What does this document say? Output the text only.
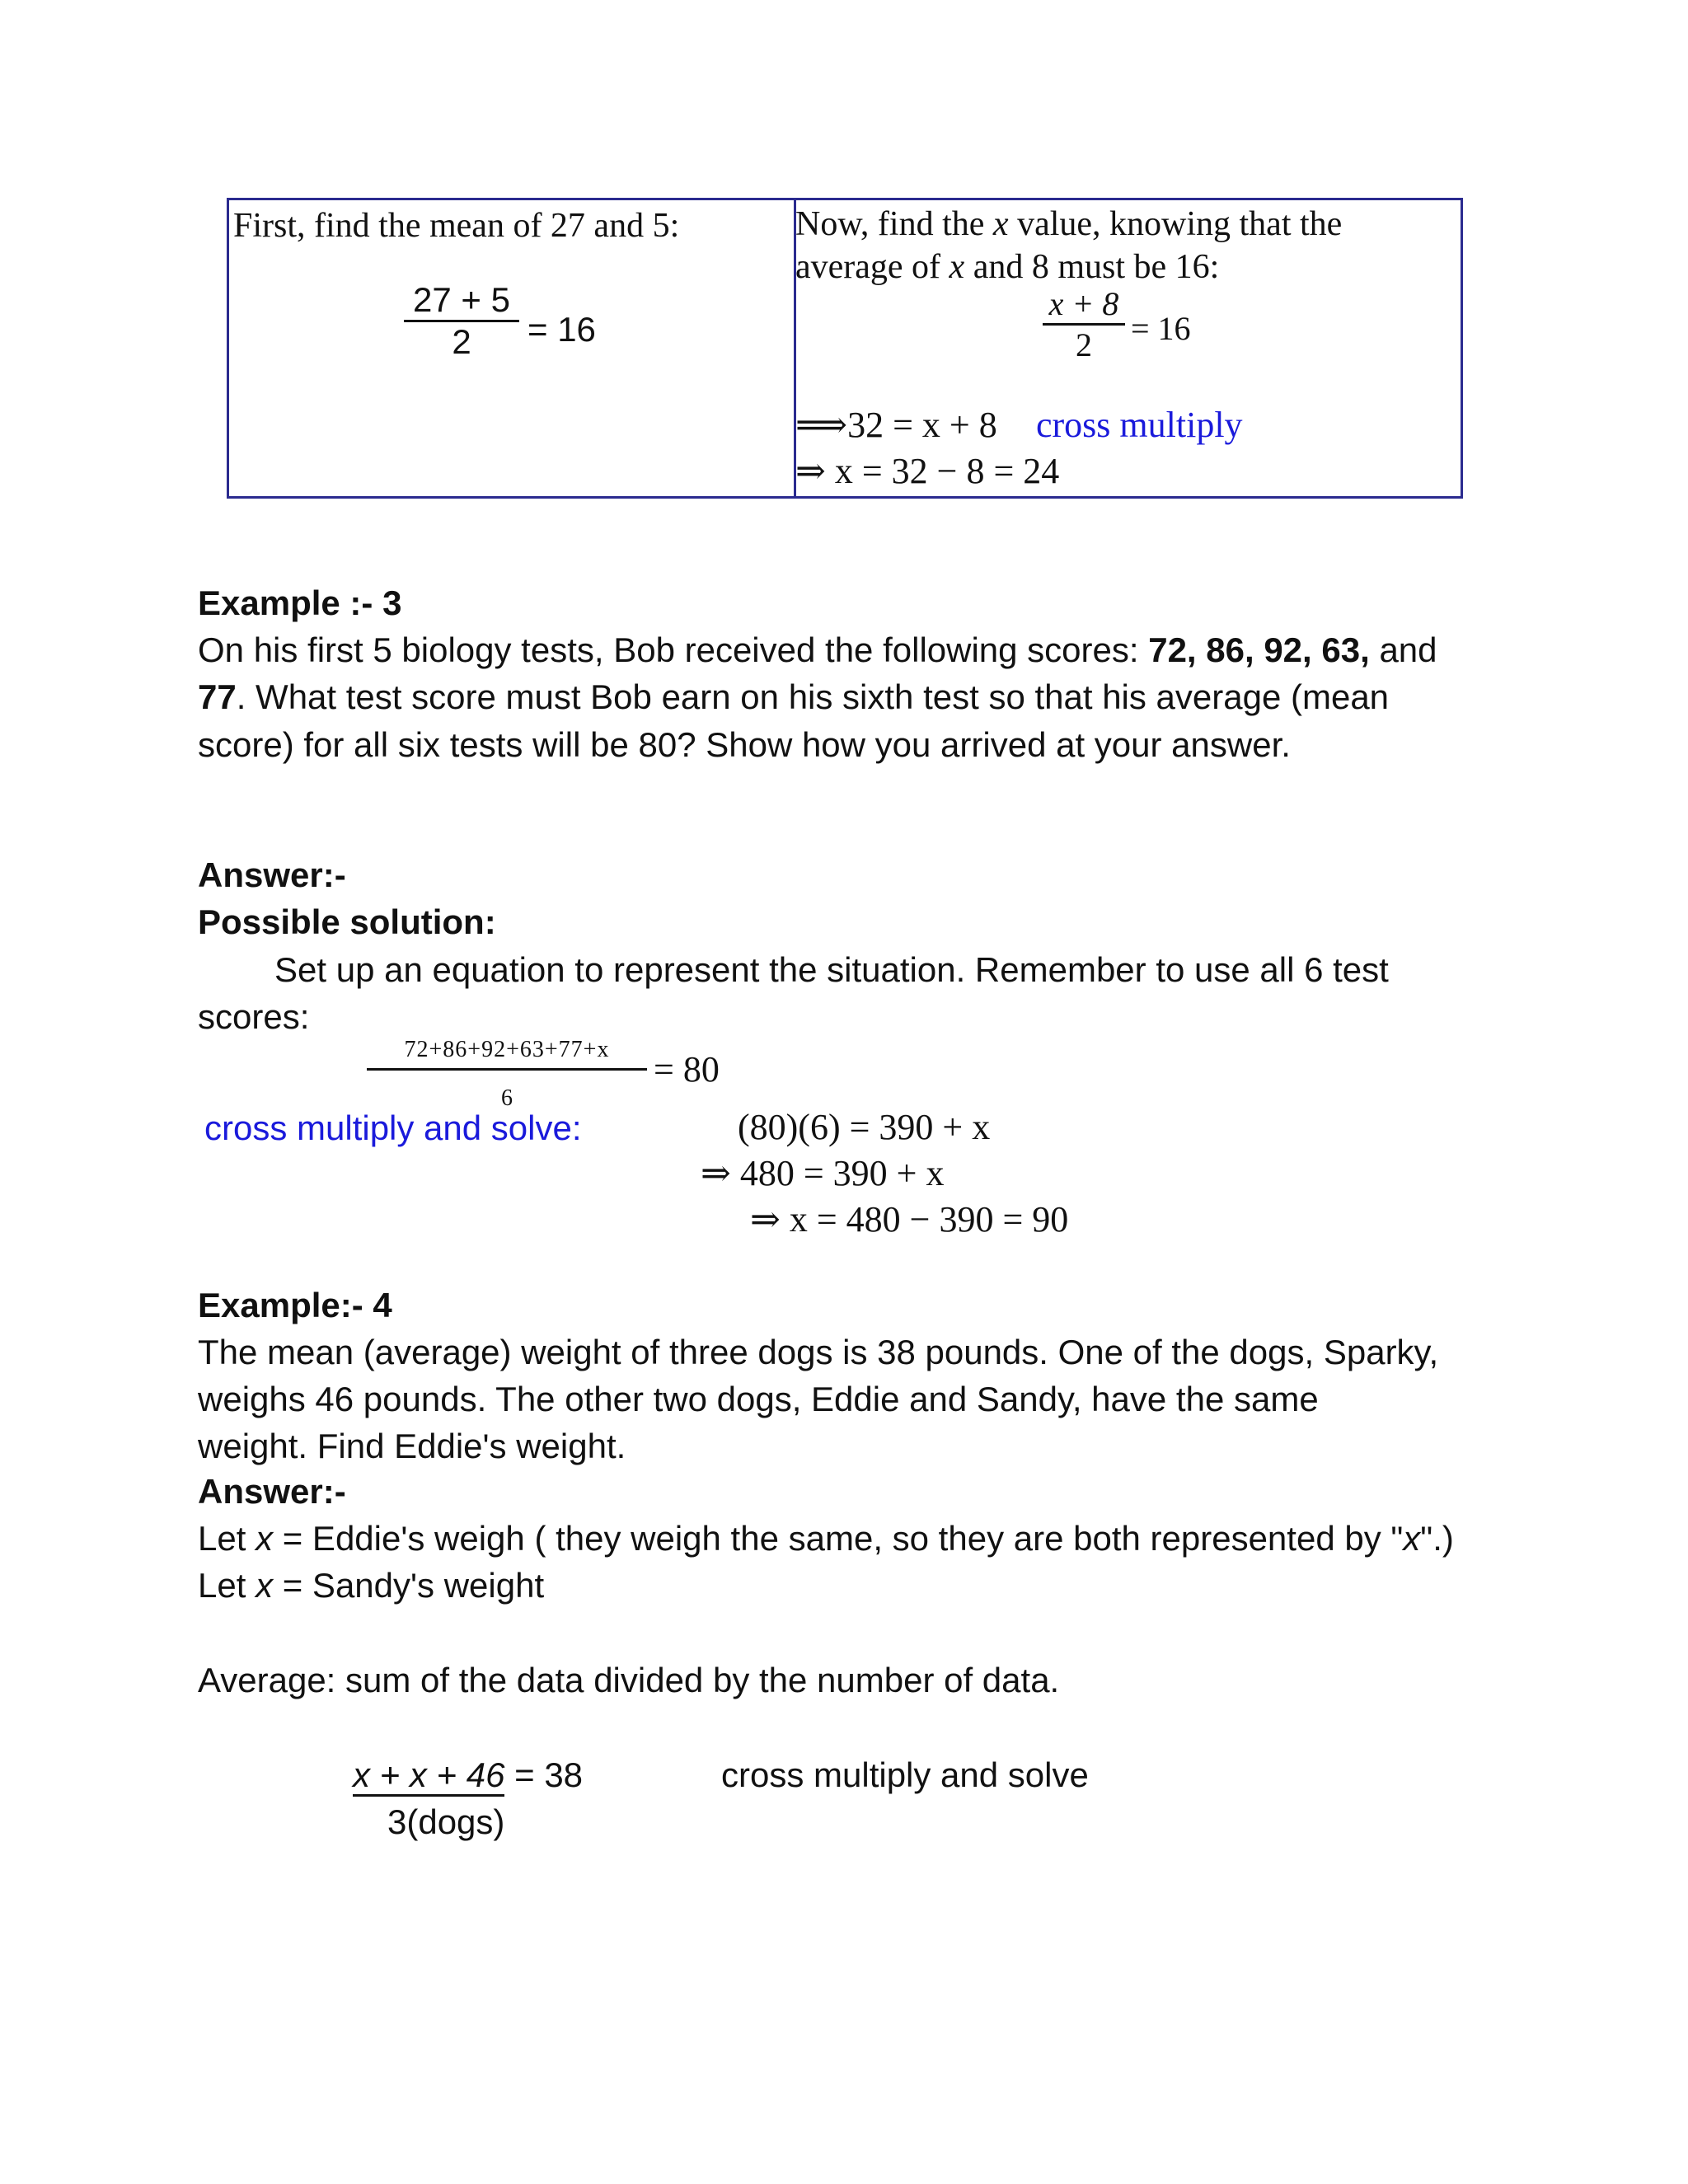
First, find the mean of 27 and 5:
27 + 5
2	= 16
Now, find the x value, knowing that the
average of x and 8 must be 16:
x + 8
2	= 16
⟹32 = x + 8 cross multiply
⇒ x = 32 − 8 = 24
Example :- 3
On his first 5 biology tests, Bob received the following scores: 72, 86, 92, 63, and
77. What test score must Bob earn on his sixth test so that his average (mean
score) for all six tests will be 80? Show how you arrived at your answer.
Answer:-
Possible solution:
Set up an equation to represent the situation. Remember to use all 6 test
scores:
72+86+92+63+77+x
6
= 80
cross multiply and solve:	(80)(6) = 390 + x
⇒ 480 = 390 + x
⇒ x = 480 − 390 = 90
Example:- 4
The mean (average) weight of three dogs is 38 pounds. One of the dogs, Sparky,
weighs 46 pounds. The other two dogs, Eddie and Sandy, have the same
weight. Find Eddie's weight.
Answer:-
Let x = Eddie's weigh ( they weigh the same, so they are both represented by "x".)
Let x = Sandy's weight
Average: sum of the data divided by the number of data.
x + x + 46 = 38
3(dogs)
cross multiply and solve
